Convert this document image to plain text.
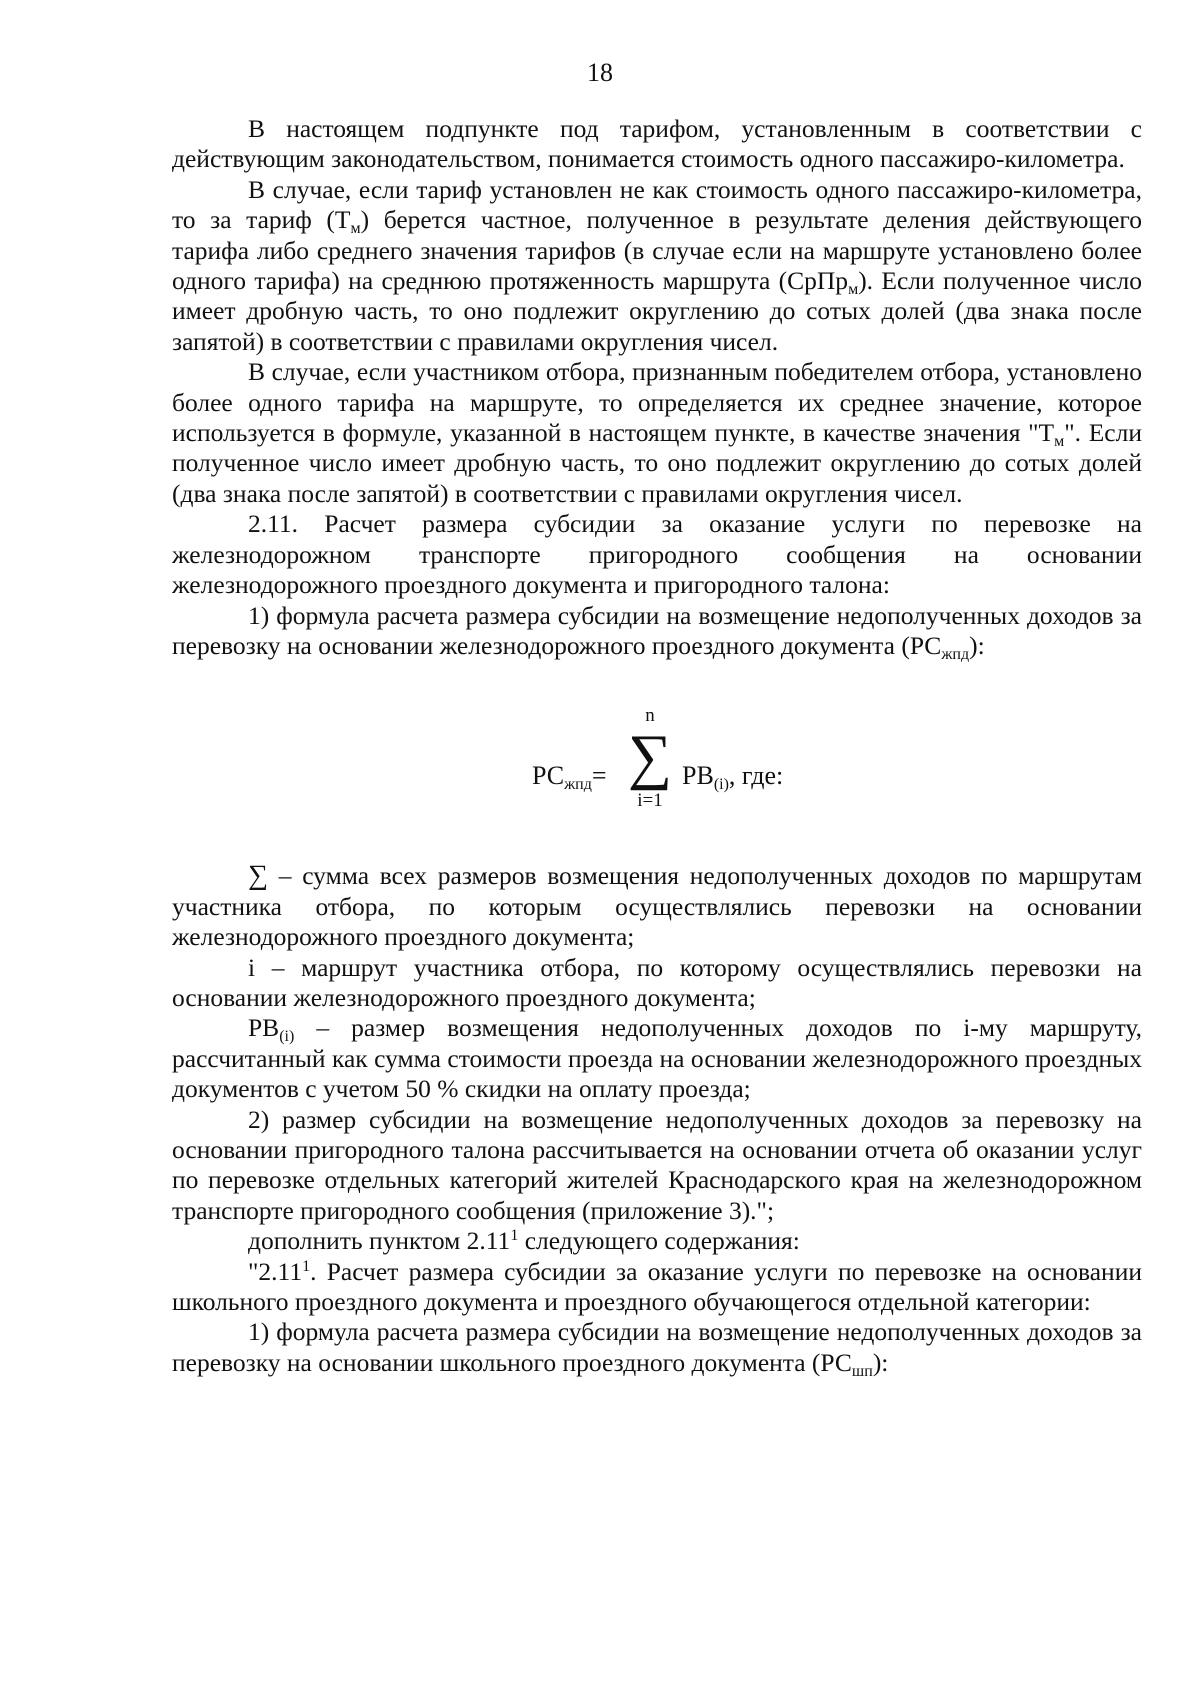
18

В настоящем подпункте под тарифом, установленным в соответствии с действующим законодательством, понимается стоимость одного пассажиро-километра.

В случае, если тариф установлен не как стоимость одного пассажиро-километра, то за тариф $(Т_м)$ берется частное, полученное в результате деления действующего тарифа либо среднего значения тарифов (в случае если на маршруте установлено более одного тарифа) на среднюю протяженность маршрута (СрПр$_м$). Если полученное число имеет дробную часть, то оно подлежит округлению до сотых долей (два знака после запятой) в соответствии с правилами округления чисел.

В случае, если участником отбора, признанным победителем отбора, установлено более одного тарифа на маршруте, то определяется их среднее значение, которое используется в формуле, указанной в настоящем пункте, в качестве значения "$Т_м$". Если полученное число имеет дробную часть, то оно подлежит округлению до сотых долей (два знака после запятой) в соответствии с правилами округления чисел.

2.11. Расчет размера субсидии за оказание услуги по перевозке на железнодорожном транспорте пригородного сообщения на основании железнодорожного проездного документа и пригородного талона:

1) формула расчета размера субсидии на возмещение недополученных доходов за перевозку на основании железнодорожного проездного документа $(РС_{жпд})$:

$РС_{жпд}=$
n
∑
i=1
$РВ_{(i)}$, где:

∑ – сумма всех размеров возмещения недополученных доходов по маршрутам участника отбора, по которым осуществлялись перевозки на основании железнодорожного проездного документа;

i – маршрут участника отбора, по которому осуществлялись перевозки на основании железнодорожного проездного документа;

$РВ_{(i)}$ – размер возмещения недополученных доходов по i-му маршруту, рассчитанный как сумма стоимости проезда на основании железнодорожного проездных документов с учетом 50 % скидки на оплату проезда;

2) размер субсидии на возмещение недополученных доходов за перевозку на основании пригородного талона рассчитывается на основании отчета об оказании услуг по перевозке отдельных категорий жителей Краснодарского края на железнодорожном транспорте пригородного сообщения (приложение 3).";

дополнить пунктом 2.11$^1$ следующего содержания:

"2.11$^1$. Расчет размера субсидии за оказание услуги по перевозке на основании школьного проездного документа и проездного обучающегося отдельной категории:

1) формула расчета размера субсидии на возмещение недополученных доходов за перевозку на основании школьного проездного документа $(РС_{шп})$:
